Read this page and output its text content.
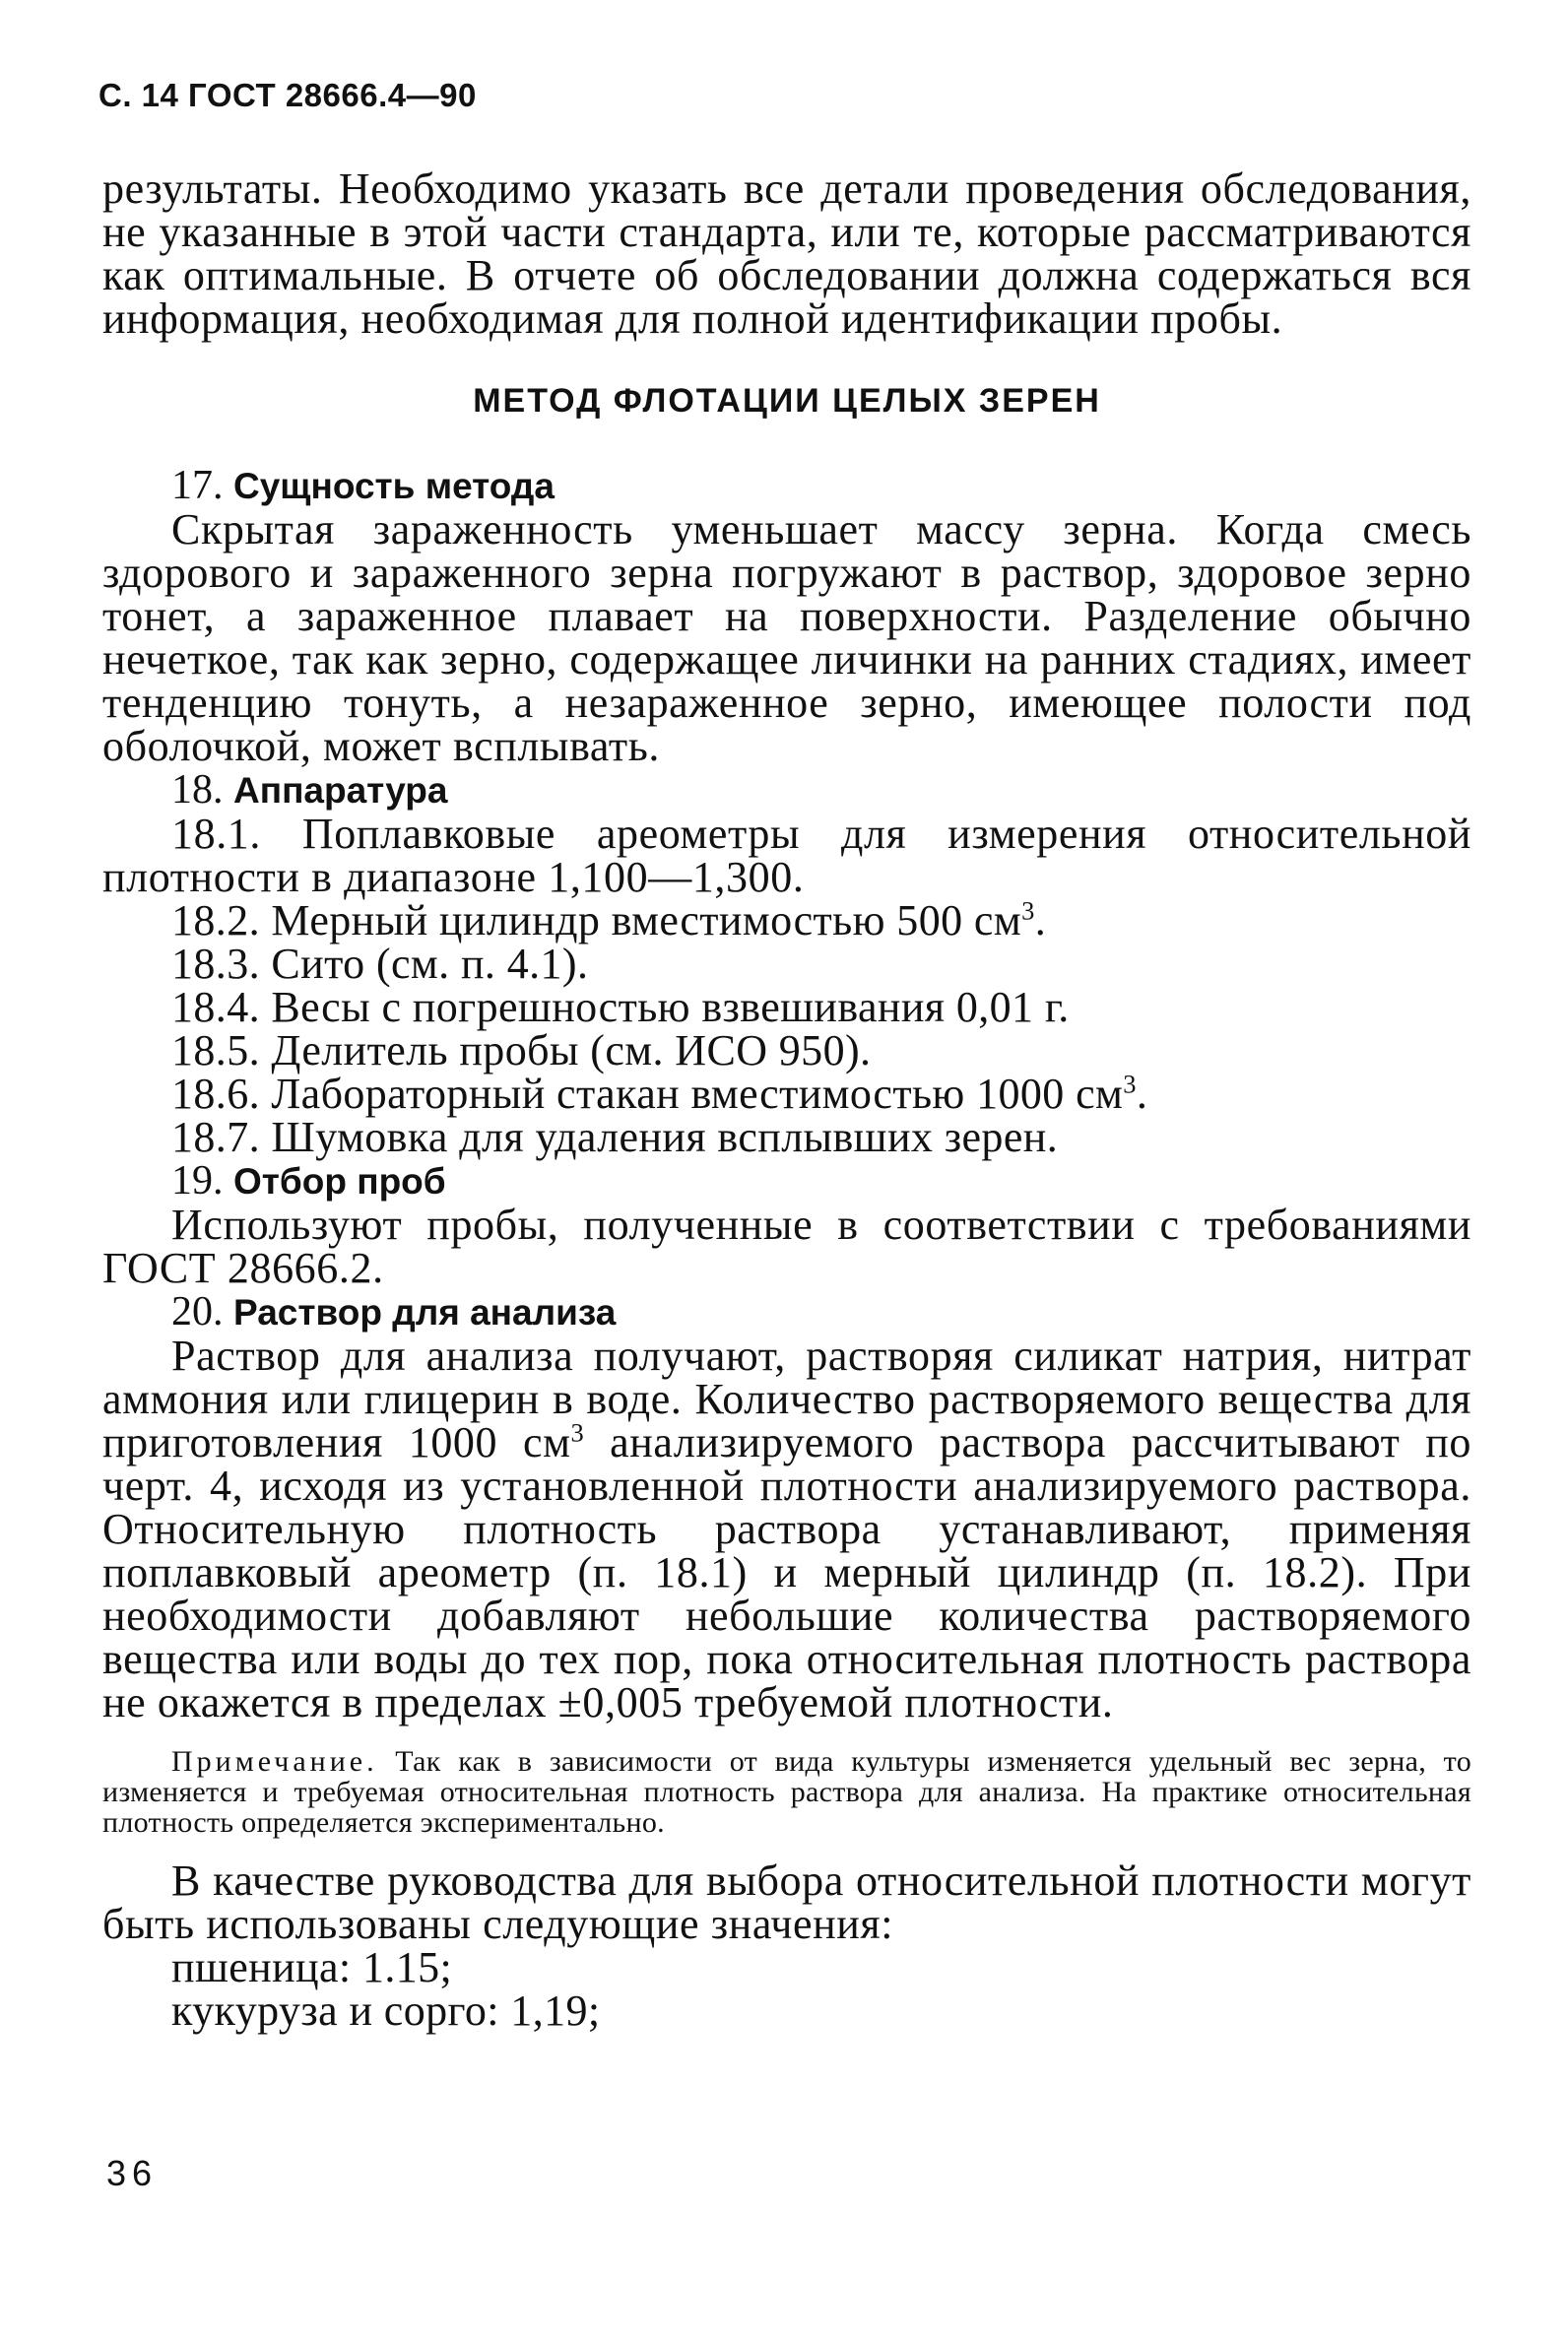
С. 14 ГОСТ 28666.4—90

результаты. Необходимо указать все детали проведения обследования, не указанные в этой части стандарта, или те, которые рассматриваются как оптимальные. В отчете об обследовании должна содержаться вся информация, необходимая для полной идентификации пробы.

МЕТОД ФЛОТАЦИИ ЦЕЛЫХ ЗЕРЕН

17. Сущность метода

Скрытая зараженность уменьшает массу зерна. Когда смесь здорового и зараженного зерна погружают в раствор, здоровое зерно тонет, а зараженное плавает на поверхности. Разделение обычно нечеткое, так как зерно, содержащее личинки на ранних стадиях, имеет тенденцию тонуть, а незараженное зерно, имеющее полости под оболочкой, может всплывать.

18. Аппаратура

18.1. Поплавковые ареометры для измерения относительной плотности в диапазоне 1,100—1,300.

18.2. Мерный цилиндр вместимостью 500 $см^3$.

18.3. Сито (см. п. 4.1).

18.4. Весы с погрешностью взвешивания 0,01 г.

18.5. Делитель пробы (см. ИСО 950).

18.6. Лабораторный стакан вместимостью 1000 $см^3$.

18.7. Шумовка для удаления всплывших зерен.

19. Отбор проб

Используют пробы, полученные в соответствии с требованиями ГОСТ 28666.2.

20. Раствор для анализа

Раствор для анализа получают, растворяя силикат натрия, нитрат аммония или глицерин в воде. Количество растворяемого вещества для приготовления 1000 $см^3$ анализируемого раствора рассчитывают по черт. 4, исходя из установленной плотности анализируемого раствора. Относительную плотность раствора устанавливают, применяя поплавковый ареометр (п. 18.1) и мерный цилиндр (п. 18.2). При необходимости добавляют небольшие количества растворяемого вещества или воды до тех пор, пока относительная плотность раствора не окажется в пределах ±0,005 требуемой плотности.

Примечание. Так как в зависимости от вида культуры изменяется удельный вес зерна, то изменяется и требуемая относительная плотность раствора для анализа. На практике относительная плотность определяется экспериментально.

В качестве руководства для выбора относительной плотности могут быть использованы следующие значения:

пшеница: 1.15;

кукуруза и сорго: 1,19;

36
